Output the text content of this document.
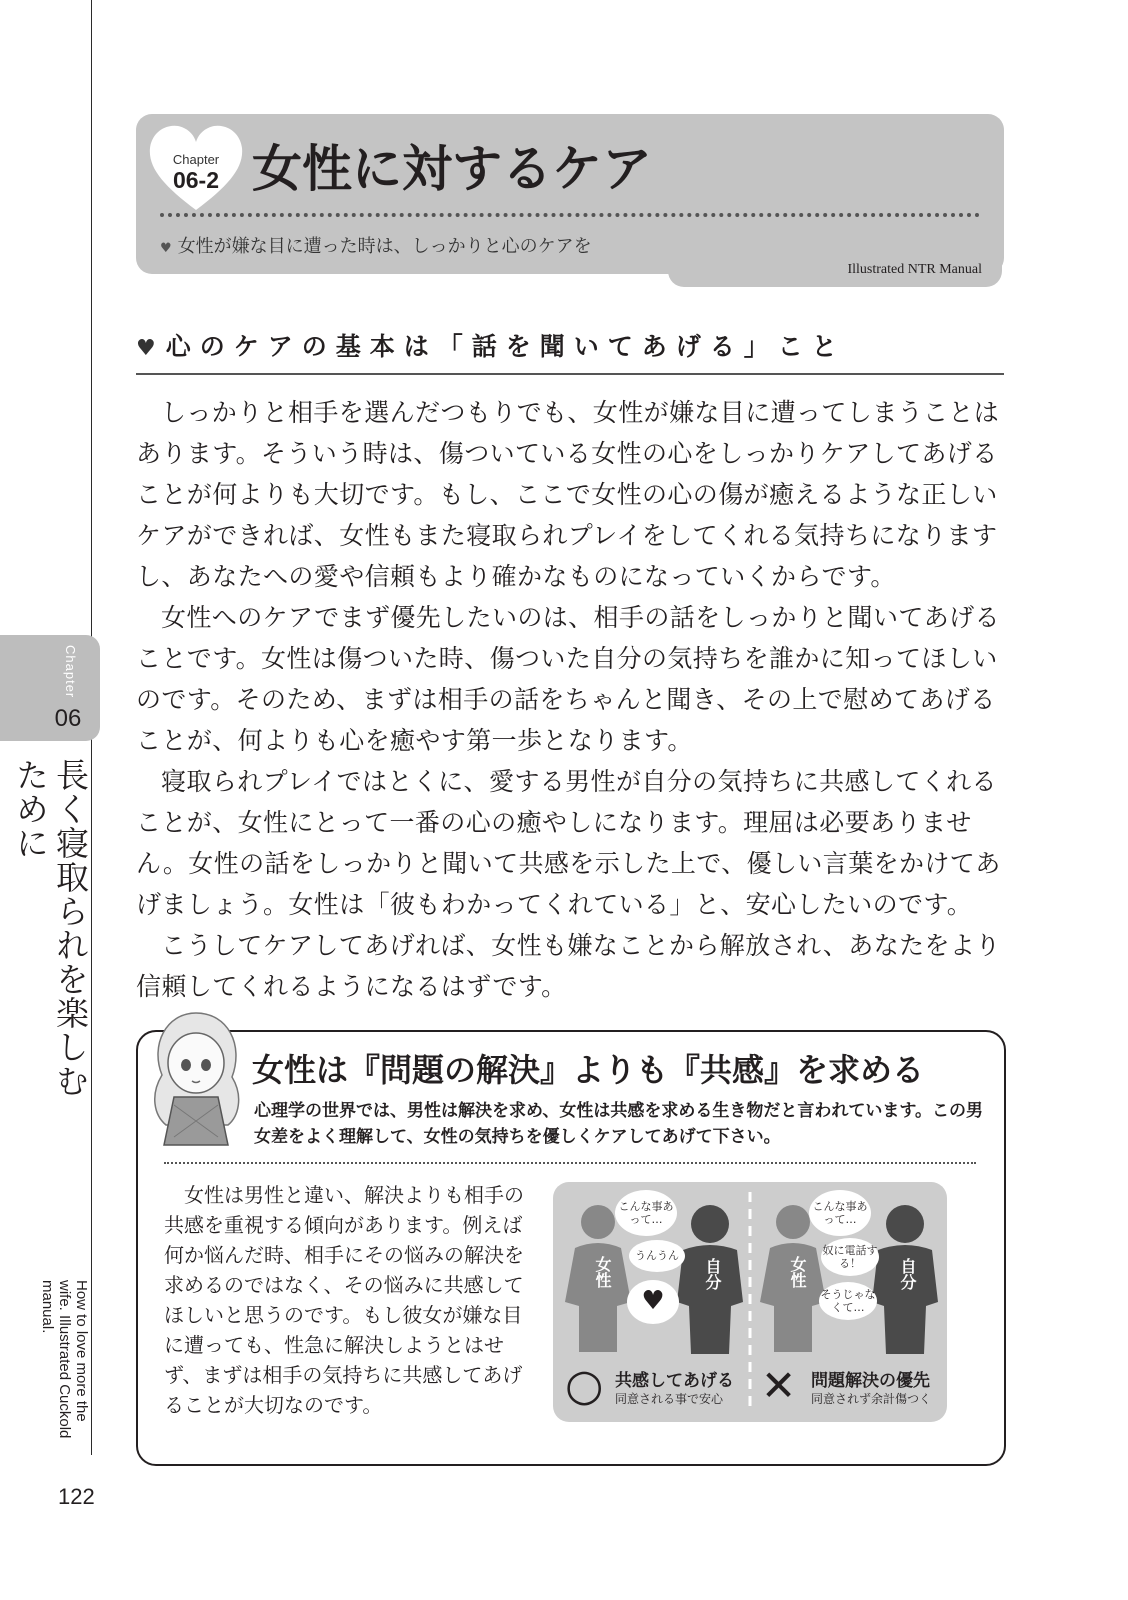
Chapter
06
長く寝取られを楽しむために
How to love more the wife. Illustrated Cuckold manual.
122
Chapter
06-2 女性に対するケア
♥ 女性が嫌な目に遭った時は、しっかりと心のケアを
Illustrated NTR Manual
♥ 心のケアの基本は「話を聞いてあげる」こと

しっかりと相手を選んだつもりでも、女性が嫌な目に遭ってしまうことはあります。そういう時は、傷ついている女性の心をしっかりケアしてあげることが何よりも大切です。もし、ここで女性の心の傷が癒えるような正しいケアができれば、女性もまた寝取られプレイをしてくれる気持ちになりますし、あなたへの愛や信頼もより確かなものになっていくからです。

女性へのケアでまず優先したいのは、相手の話をしっかりと聞いてあげることです。女性は傷ついた時、傷ついた自分の気持ちを誰かに知ってほしいのです。そのため、まずは相手の話をちゃんと聞き、その上で慰めてあげることが、何よりも心を癒やす第一歩となります。

寝取られプレイではとくに、愛する男性が自分の気持ちに共感してくれることが、女性にとって一番の心の癒やしになります。理屈は必要ありません。女性の話をしっかりと聞いて共感を示した上で、優しい言葉をかけてあげましょう。女性は「彼もわかってくれている」と、安心したいのです。

こうしてケアしてあげれば、女性も嫌なことから解放され、あなたをより信頼してくれるようになるはずです。

女性は『問題の解決』よりも『共感』を求める
心理学の世界では、男性は解決を求め、女性は共感を求める生き物だと言われています。この男女差をよく理解して、女性の気持ちを優しくケアしてあげて下さい。

女性は男性と違い、解決よりも相手の共感を重視する傾向があります。例えば何か悩んだ時、相手にその悩みの解決を求めるのではなく、その悩みに共感してほしいと思うのです。もし彼女が嫌な目に遭っても、性急に解決しようとはせず、まずは相手の気持ちに共感してあげることが大切なのです。

こんな事あって…
うんうん
♥
女性	自分
こんな事あって…
奴に電話する！
そうじゃなくて…
女性	自分
○ 共感してあげる
同意される事で安心 ✕ 問題解決の優先
同意されず余計傷つく
